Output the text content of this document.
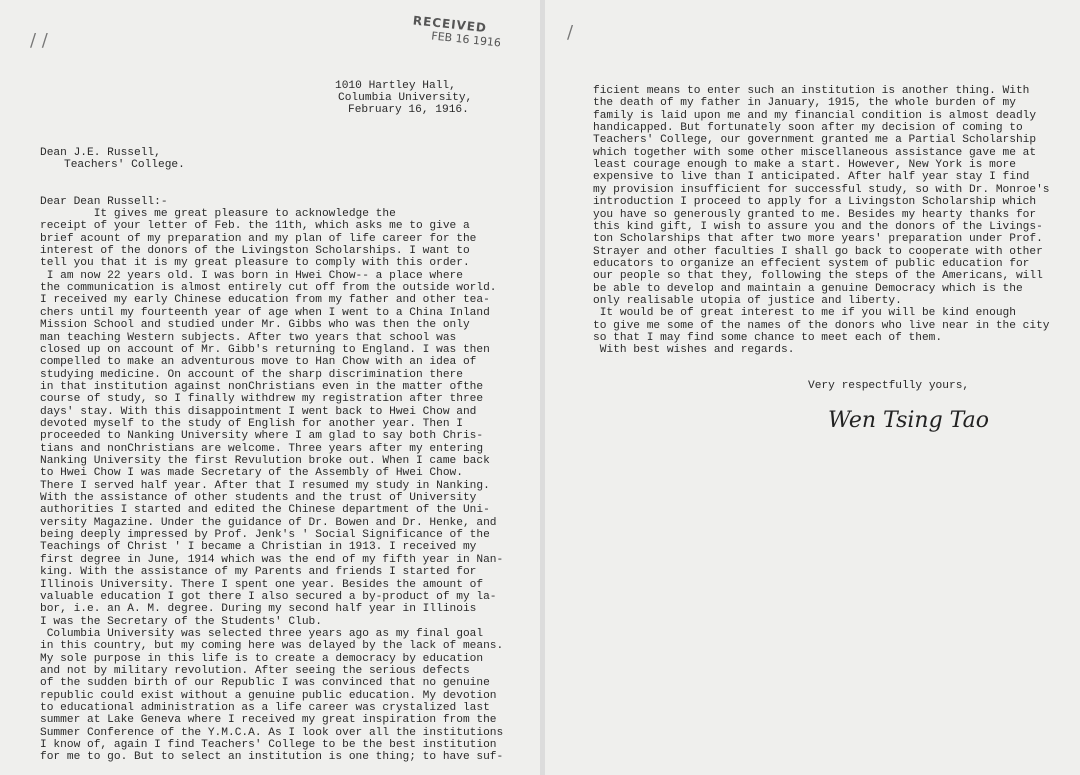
/ /
RECEIVED
FEB 16 1916
1010 Hartley Hall,
Columbia University,
February 16, 1916.
Dean J.E. Russell,
Teachers' College.
Dear Dean Russell:-
It gives me great pleasure to acknowledge the
receipt of your letter of Feb. the 11th, which asks me to give a
brief acount of my preparation and my plan of life career for the
interest of the donors of the Livingston Scholarships. I want to
tell you that it is my great pleasure to comply with this order.
I am now 22 years old. I was born in Hwei Chow-- a place where
the communication is almost entirely cut off from the outside world.
I received my early Chinese education from my father and other tea-
chers until my fourteenth year of age when I went to a China Inland
Mission School and studied under Mr. Gibbs who was then the only
man teaching Western subjects. After two years that school was
closed up on account of Mr. Gibb's returning to England. I was then
compelled to make an adventurous move to Han Chow with an idea of
studying medicine. On account of the sharp discrimination there
in that institution against nonChristians even in the matter ofthe
course of study, so I finally withdrew my registration after three
days' stay. With this disappointment I went back to Hwei Chow and
devoted myself to the study of English for another year. Then I
proceeded to Nanking University where I am glad to say both Chris-
tians and nonChristians are welcome. Three years after my entering
Nanking University the first Revulution broke out. When I came back
to Hwei Chow I was made Secretary of the Assembly of Hwei Chow.
There I served half year. After that I resumed my study in Nanking.
With the assistance of other students and the trust of University
authorities I started and edited the Chinese department of the Uni-
versity Magazine. Under the guidance of Dr. Bowen and Dr. Henke, and
being deeply impressed by Prof. Jenk's ' Social Significance of the
Teachings of Christ ' I became a Christian in 1913. I received my
first degree in June, 1914 which was the end of my fifth year in Nan-
king. With the assistance of my Parents and friends I started for
Illinois University. There I spent one year. Besides the amount of
valuable education I got there I also secured a by-product of my la-
bor, i.e. an A. M. degree. During my second half year in Illinois
I was the Secretary of the Students' Club.
Columbia University was selected three years ago as my final goal
in this country, but my coming here was delayed by the lack of means.
My sole purpose in this life is to create a democracy by education
and not by military revolution. After seeing the serious defects
of the sudden birth of our Republic I was convinced that no genuine
republic could exist without a genuine public education. My devotion
to educational administration as a life career was crystalized last
summer at Lake Geneva where I received my great inspiration from the
Summer Conference of the Y.M.C.A. As I look over all the institutions
I know of, again I find Teachers' College to be the best institution
for me to go. But to select an institution is one thing; to have suf-
/
ficient means to enter such an institution is another thing. With
the death of my father in January, 1915, the whole burden of my
family is laid upon me and my financial condition is almost deadly
handicapped. But fortunately soon after my decision of coming to
Teachers' College, our government granted me a Partial Scholarship
which together with some other miscellaneous assistance gave me at
least courage enough to make a start. However, New York is more
expensive to live than I anticipated. After half year stay I find
my provision insufficient for successful study, so with Dr. Monroe's
introduction I proceed to apply for a Livingston Scholarship which
you have so generously granted to me. Besides my hearty thanks for
this kind gift, I wish to assure you and the donors of the Livings-
ton Scholarships that after two more years' preparation under Prof.
Strayer and other faculties I shall go back to cooperate with other
educators to organize an effecient system of public education for
our people so that they, following the steps of the Americans, will
be able to develop and maintain a genuine Democracy which is the
only realisable utopia of justice and liberty.
It would be of great interest to me if you will be kind enough
to give me some of the names of the donors who live near in the city
so that I may find some chance to meet each of them.
With best wishes and regards.
Very respectfully yours,
Wen Tsing Tao
